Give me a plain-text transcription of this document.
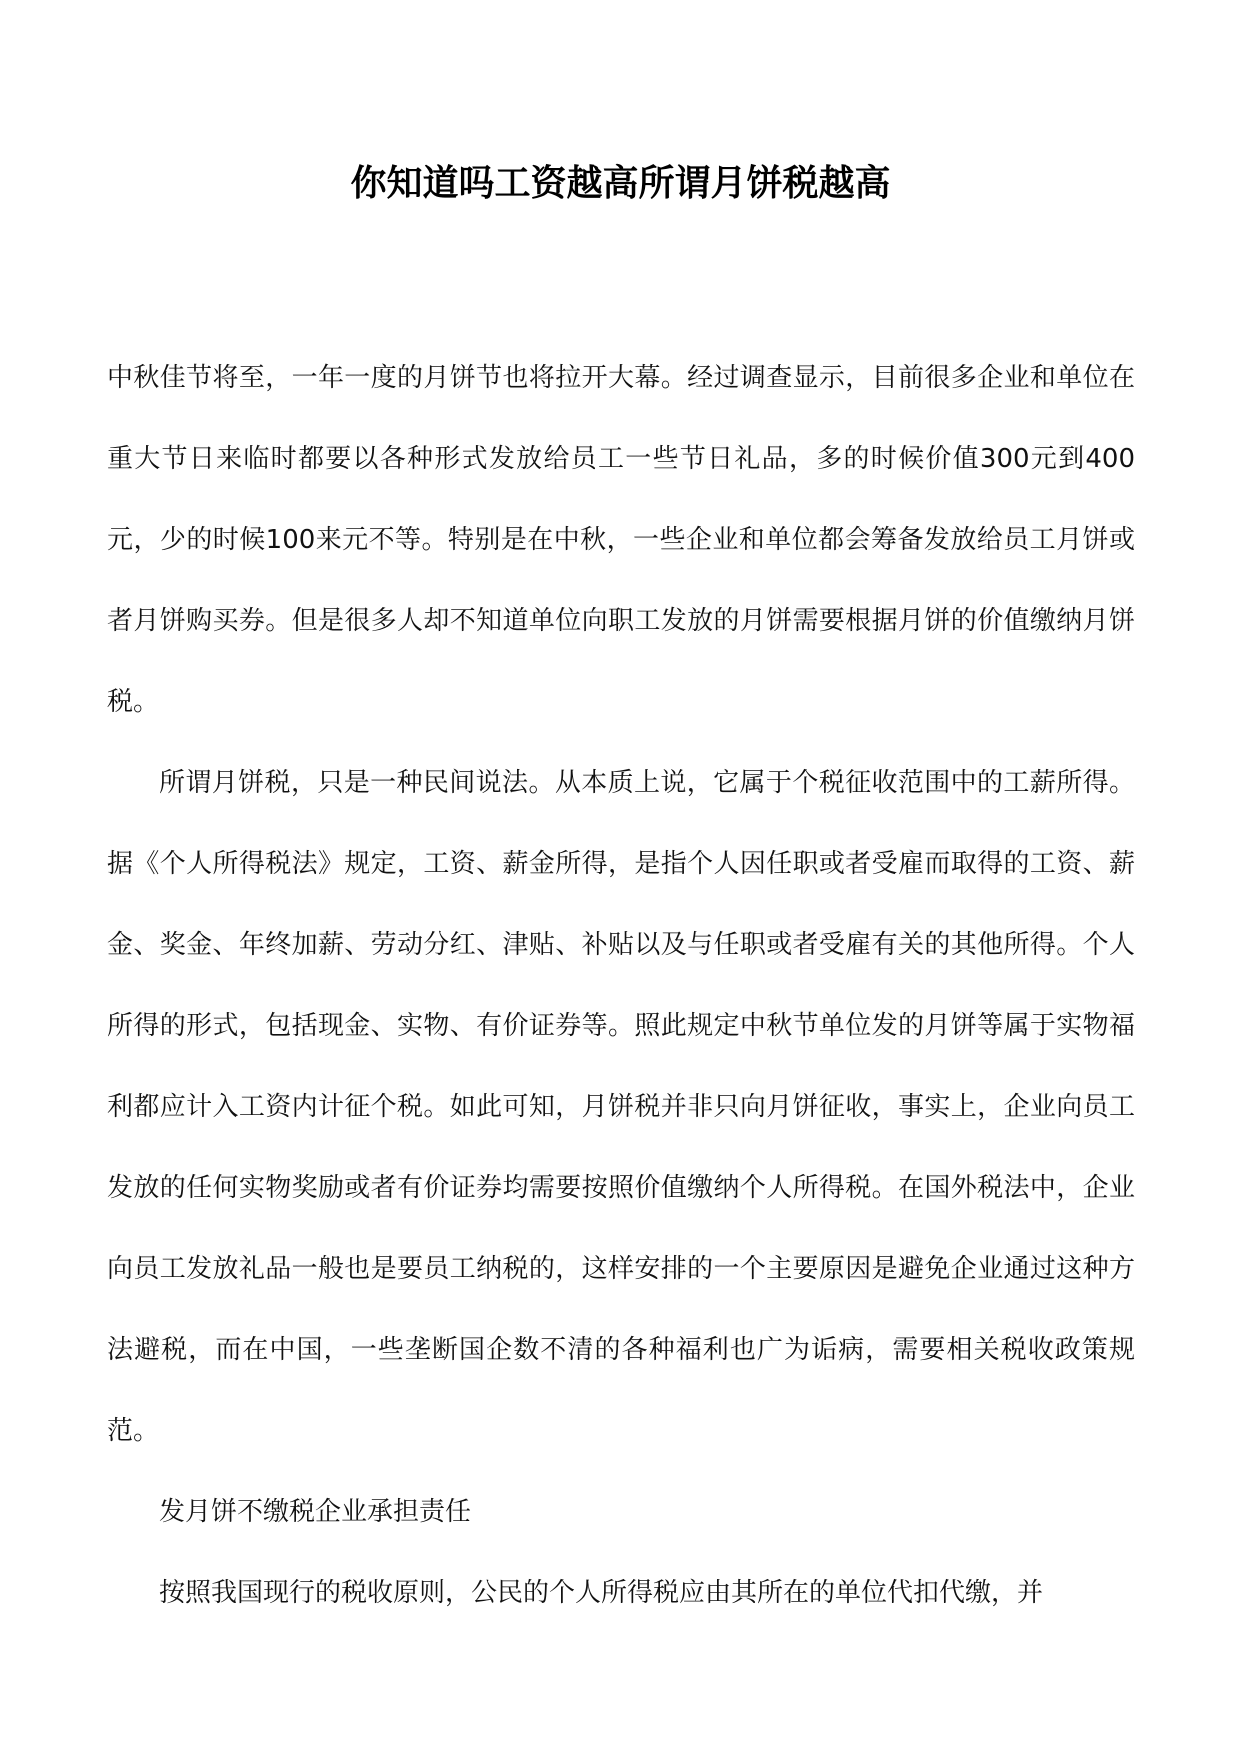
你知道吗工资越高所谓月饼税越高

中秋佳节将至，一年一度的月饼节也将拉开大幕。经过调查显示，目前很多企业和单位在重大节日来临时都要以各种形式发放给员工一些节日礼品，多的时候价值300元到400元，少的时候100来元不等。特别是在中秋，一些企业和单位都会筹备发放给员工月饼或者月饼购买券。但是很多人却不知道单位向职工发放的月饼需要根据月饼的价值缴纳月饼税。

所谓月饼税，只是一种民间说法。从本质上说，它属于个税征收范围中的工薪所得。据《个人所得税法》规定，工资、薪金所得，是指个人因任职或者受雇而取得的工资、薪金、奖金、年终加薪、劳动分红、津贴、补贴以及与任职或者受雇有关的其他所得。个人所得的形式，包括现金、实物、有价证券等。照此规定中秋节单位发的月饼等属于实物福利都应计入工资内计征个税。如此可知，月饼税并非只向月饼征收，事实上，企业向员工发放的任何实物奖励或者有价证券均需要按照价值缴纳个人所得税。在国外税法中，企业向员工发放礼品一般也是要员工纳税的，这样安排的一个主要原因是避免企业通过这种方法避税，而在中国，一些垄断国企数不清的各种福利也广为诟病，需要相关税收政策规范。

发月饼不缴税企业承担责任

按照我国现行的税收原则，公民的个人所得税应由其所在的单位代扣代缴，并
